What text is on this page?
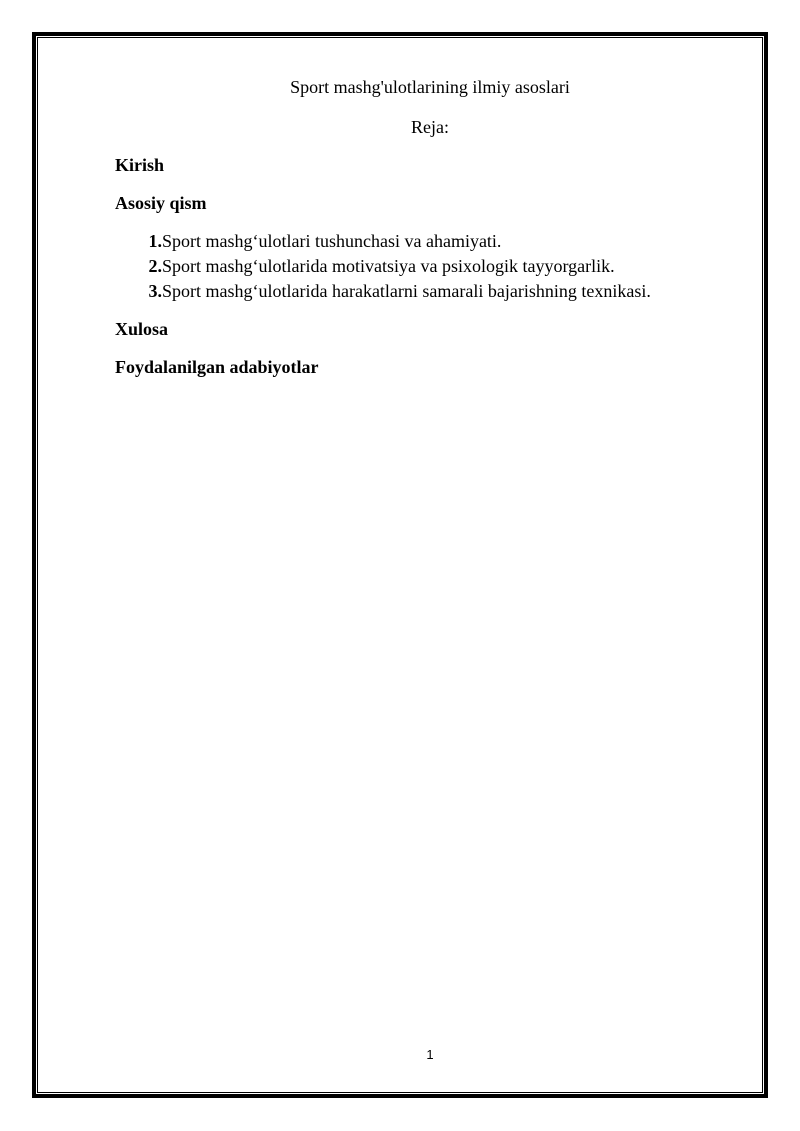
Sport mashg'ulotlarining ilmiy asoslari
Reja:
Kirish
Asosiy qism
1. Sport mashg‘ulotlari tushunchasi va ahamiyati.
2. Sport mashg‘ulotlarida motivatsiya va psixologik tayyorgarlik.
3. Sport mashg‘ulotlarida harakatlarni samarali bajarishning texnikasi.
Xulosa
Foydalanilgan adabiyotlar
1
